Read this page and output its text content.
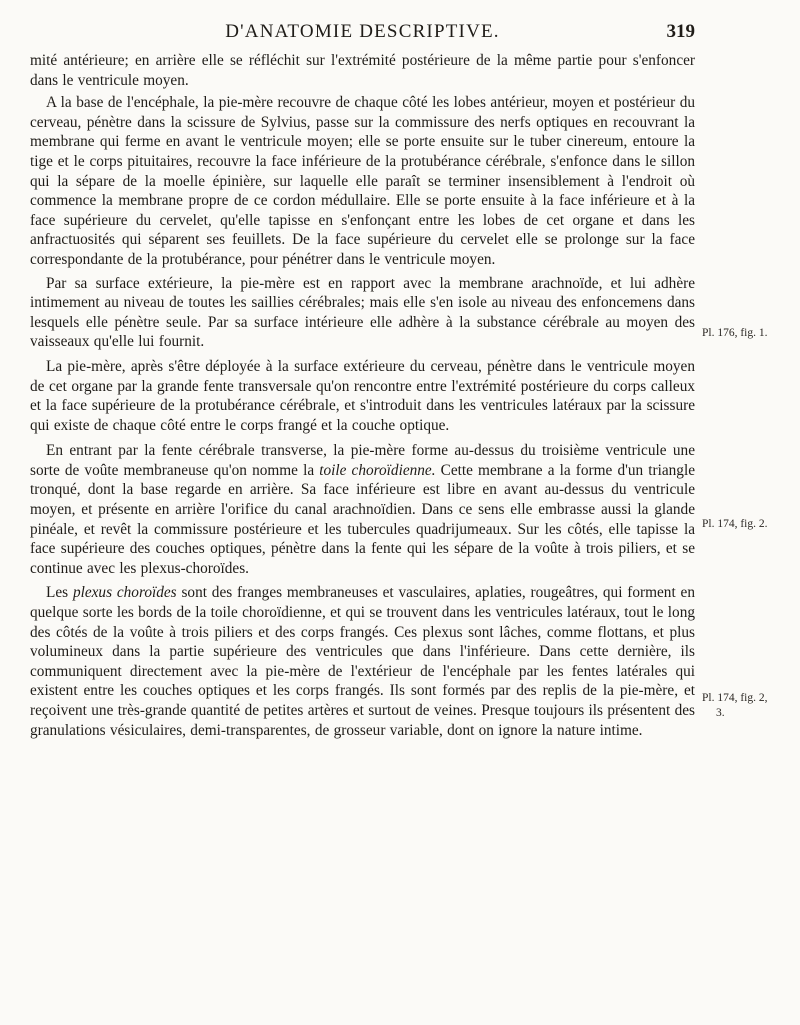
D'ANATOMIE DESCRIPTIVE.	319

mité antérieure; en arrière elle se réfléchit sur l'extrémité postérieure de la même partie pour s'enfoncer dans le ventricule moyen.

A la base de l'encéphale, la pie-mère recouvre de chaque côté les lobes antérieur, moyen et postérieur du cerveau, pénètre dans la scissure de Sylvius, passe sur la commissure des nerfs optiques en recouvrant la membrane qui ferme en avant le ventricule moyen; elle se porte ensuite sur le tuber cinereum, entoure la tige et le corps pituitaires, recouvre la face inférieure de la protubérance cérébrale, s'enfonce dans le sillon qui la sépare de la moelle épinière, sur laquelle elle paraît se terminer insensiblement à l'endroit où commence la membrane propre de ce cordon médullaire. Elle se porte ensuite à la face inférieure et à la face supérieure du cervelet, qu'elle tapisse en s'enfonçant entre les lobes de cet organe et dans les anfractuosités qui séparent ses feuillets. De la face supérieure du cervelet elle se prolonge sur la face correspondante de la protubérance, pour pénétrer dans le ventricule moyen.

Par sa surface extérieure, la pie-mère est en rapport avec la membrane arachnoïde, et lui adhère intimement au niveau de toutes les saillies cérébrales; mais elle s'en isole au niveau des enfoncemens dans lesquels elle pénètre seule. Par sa surface intérieure elle adhère à la substance cérébrale au moyen des vaisseaux qu'elle lui fournit.

La pie-mère, après s'être déployée à la surface extérieure du cerveau, pénètre dans le ventricule moyen de cet organe par la grande fente transversale qu'on rencontre entre l'extrémité postérieure du corps calleux et la face supérieure de la protubérance cérébrale, et s'introduit dans les ventricules latéraux par la scissure qui existe de chaque côté entre le corps frangé et la couche optique.

En entrant par la fente cérébrale transverse, la pie-mère forme au-dessus du troisième ventricule une sorte de voûte membraneuse qu'on nomme la toile choroïdienne. Cette membrane a la forme d'un triangle tronqué, dont la base regarde en arrière. Sa face inférieure est libre en avant au-dessus du ventricule moyen, et présente en arrière l'orifice du canal arachnoïdien. Dans ce sens elle embrasse aussi la glande pinéale, et revêt la commissure postérieure et les tubercules quadrijumeaux. Sur les côtés, elle tapisse la face supérieure des couches optiques, pénètre dans la fente qui les sépare de la voûte à trois piliers, et se continue avec les plexus-choroïdes.

Les plexus choroïdes sont des franges membraneuses et vasculaires, aplaties, rougeâtres, qui forment en quelque sorte les bords de la toile choroïdienne, et qui se trouvent dans les ventricules latéraux, tout le long des côtés de la voûte à trois piliers et des corps frangés. Ces plexus sont lâches, comme flottans, et plus volumineux dans la partie supérieure des ventricules que dans l'inférieure. Dans cette dernière, ils communiquent directement avec la pie-mère de l'extérieur de l'encéphale par les fentes latérales qui existent entre les couches optiques et les corps frangés. Ils sont formés par des replis de la pie-mère, et reçoivent une très-grande quantité de petites artères et surtout de veines. Presque toujours ils présentent des granulations vésiculaires, demi-transparentes, de grosseur variable, dont on ignore la nature intime.

Pl. 176, fig. 1.
Pl. 174, fig. 2.
Pl. 174, fig. 2,
3.
